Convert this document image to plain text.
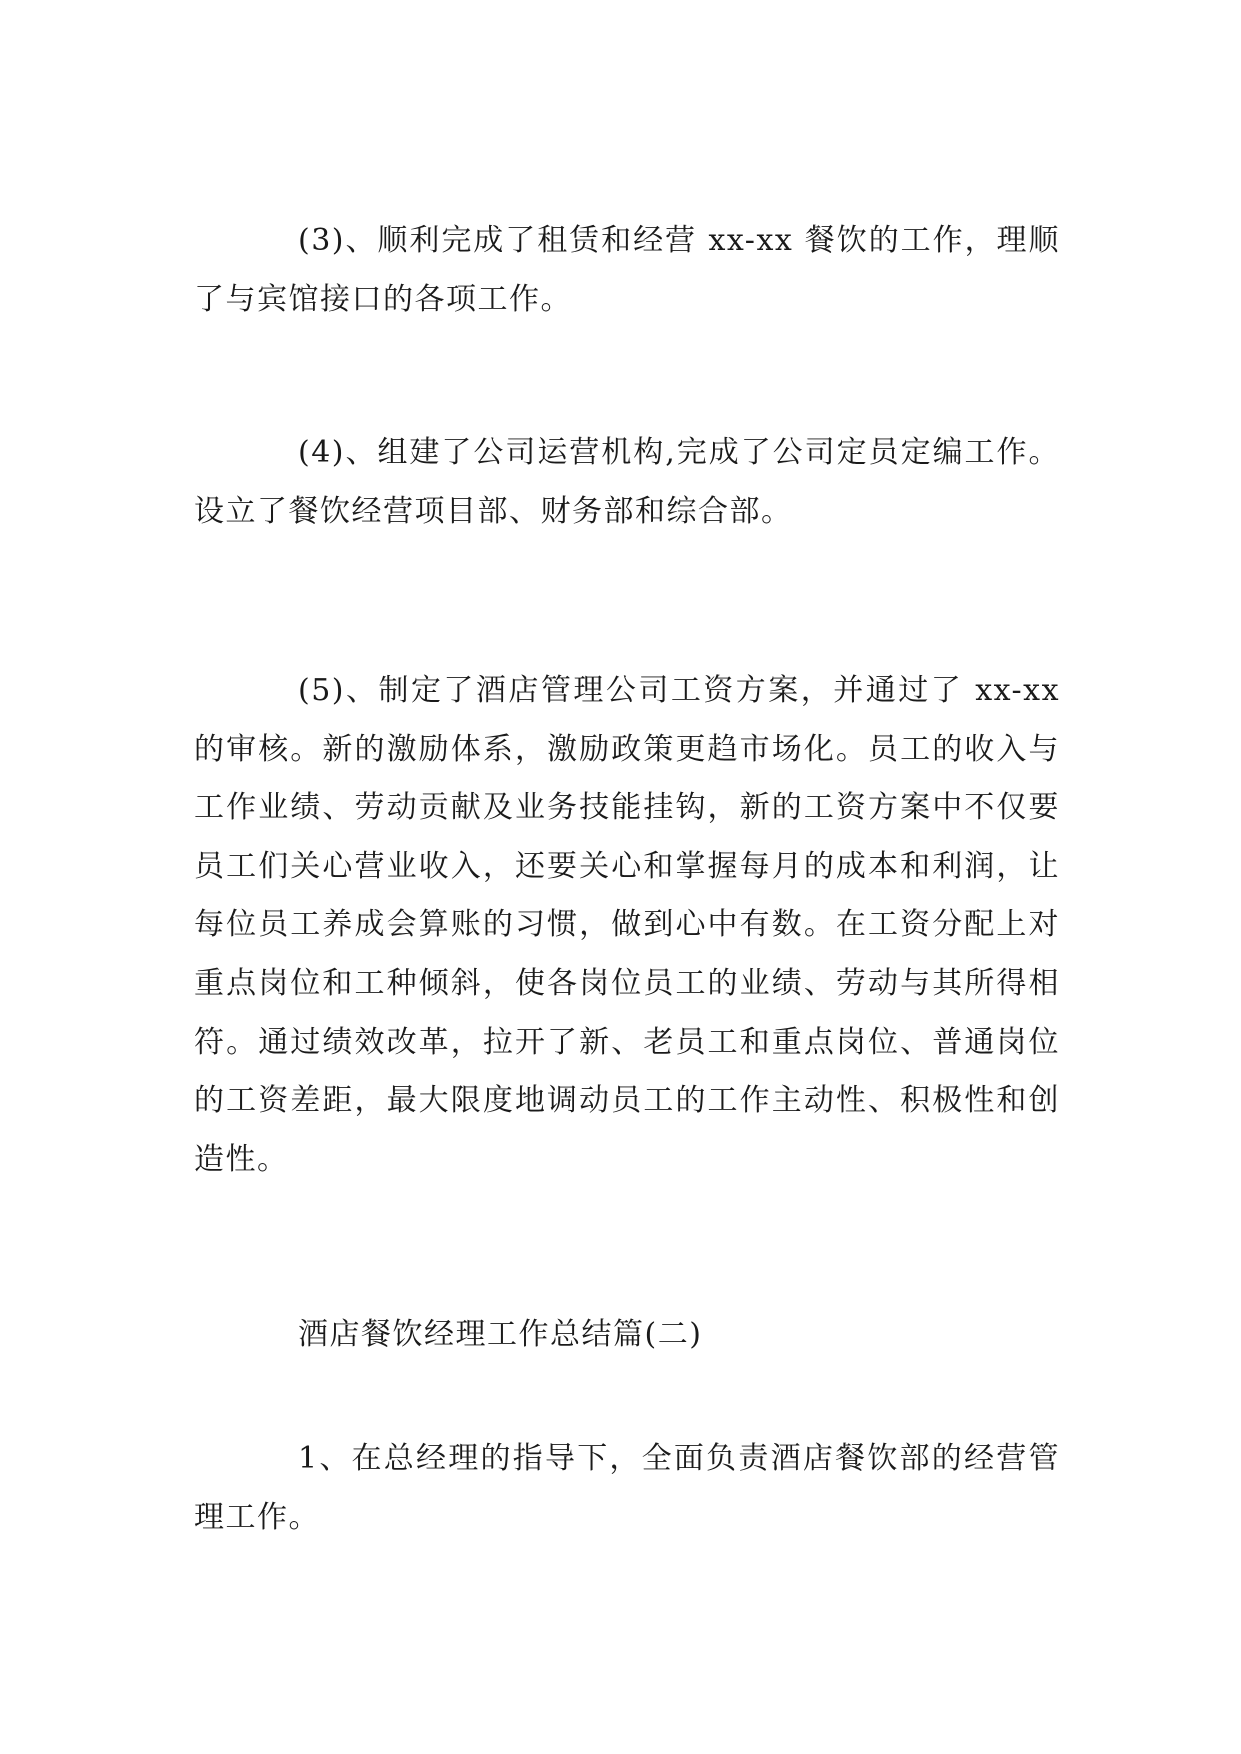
(3)、顺利完成了租赁和经营 xx-xx 餐饮的工作，理顺了与宾馆接口的各项工作。

(4)、组建了公司运营机构,完成了公司定员定编工作。设立了餐饮经营项目部、财务部和综合部。

(5)、制定了酒店管理公司工资方案，并通过了 xx-xx 的审核。新的激励体系，激励政策更趋市场化。员工的收入与工作业绩、劳动贡献及业务技能挂钩，新的工资方案中不仅要员工们关心营业收入，还要关心和掌握每月的成本和利润，让每位员工养成会算账的习惯，做到心中有数。在工资分配上对重点岗位和工种倾斜，使各岗位员工的业绩、劳动与其所得相符。通过绩效改革，拉开了新、老员工和重点岗位、普通岗位的工资差距，最大限度地调动员工的工作主动性、积极性和创造性。

酒店餐饮经理工作总结篇(二)

1、在总经理的指导下，全面负责酒店餐饮部的经营管理工作。
